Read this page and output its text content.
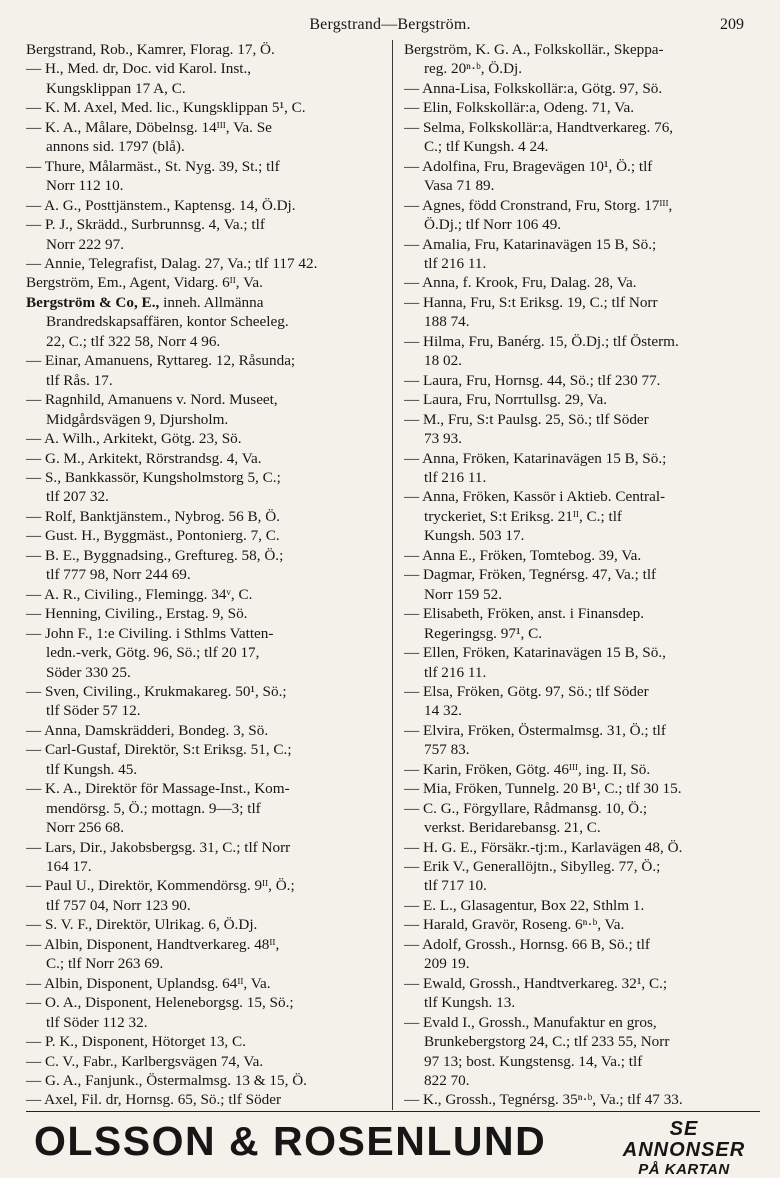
Bergstrand—Bergström.	209
Bergstrand, Rob., Kamrer, Florag. 17, Ö.
— H., Med. dr, Doc. vid Karol. Inst.,
Kungsklippan 17 A, C.
— K. M. Axel, Med. lic., Kungsklippan 5¹, C.
— K. A., Målare, Döbelnsg. 14ᴵᴵᴵ, Va. Se
annons sid. 1797 (blå).
— Thure, Målarmäst., St. Nyg. 39, St.; tlf
Norr 112 10.
— A. G., Posttjänstem., Kaptensg. 14, Ö.Dj.
— P. J., Skrädd., Surbrunnsg. 4, Va.; tlf
Norr 222 97.
— Annie, Telegrafist, Dalag. 27, Va.; tlf 117 42.
Bergström, Em., Agent, Vidarg. 6ᴵᴵ, Va.
Bergström & Co, E., inneh. Allmänna
Brandredskapsaffären, kontor Scheeleg.
22, C.; tlf 322 58, Norr 4 96.
— Einar, Amanuens, Ryttareg. 12, Råsunda;
tlf Rås. 17.
— Ragnhild, Amanuens v. Nord. Museet,
Midgårdsvägen 9, Djursholm.
— A. Wilh., Arkitekt, Götg. 23, Sö.
— G. M., Arkitekt, Rörstrandsg. 4, Va.
— S., Bankkassör, Kungsholmstorg 5, C.;
tlf 207 32.
— Rolf, Banktjänstem., Nybrog. 56 B, Ö.
— Gust. H., Byggmäst., Pontonierg. 7, C.
— B. E., Byggnadsing., Greftureg. 58, Ö.;
tlf 777 98, Norr 244 69.
— A. R., Civiling., Flemingg. 34ᵛ, C.
— Henning, Civiling., Erstag. 9, Sö.
— John F., 1:e Civiling. i Sthlms Vatten-
ledn.-verk, Götg. 96, Sö.; tlf 20 17,
Söder 330 25.
— Sven, Civiling., Krukmakareg. 50¹, Sö.;
tlf Söder 57 12.
— Anna, Damskrädderi, Bondeg. 3, Sö.
— Carl-Gustaf, Direktör, S:t Eriksg. 51, C.;
tlf Kungsh. 45.
— K. A., Direktör för Massage-Inst., Kom-
mendörsg. 5, Ö.; mottagn. 9—3; tlf
Norr 256 68.
— Lars, Dir., Jakobsbergsg. 31, C.; tlf Norr
164 17.
— Paul U., Direktör, Kommendörsg. 9ᴵᴵ, Ö.;
tlf 757 04, Norr 123 90.
— S. V. F., Direktör, Ulrikag. 6, Ö.Dj.
— Albin, Disponent, Handtverkareg. 48ᴵᴵ,
C.; tlf Norr 263 69.
— Albin, Disponent, Uplandsg. 64ᴵᴵ, Va.
— O. A., Disponent, Heleneborgsg. 15, Sö.;
tlf Söder 112 32.
— P. K., Disponent, Hötorget 13, C.
— C. V., Fabr., Karlbergsvägen 74, Va.
— G. A., Fanjunk., Östermalmsg. 13 & 15, Ö.
— Axel, Fil. dr, Hornsg. 65, Sö.; tlf Söder
Bergström, K. G. A., Folkskollär., Skeppa-
reg. 20ⁿ·ᵇ, Ö.Dj.
— Anna-Lisa, Folkskollär:a, Götg. 97, Sö.
— Elin, Folkskollär:a, Odeng. 71, Va.
— Selma, Folkskollär:a, Handtverkareg. 76,
C.; tlf Kungsh. 4 24.
— Adolfina, Fru, Bragevägen 10¹, Ö.; tlf
Vasa 71 89.
— Agnes, född Cronstrand, Fru, Storg. 17ᴵᴵᴵ,
Ö.Dj.; tlf Norr 106 49.
— Amalia, Fru, Katarinavägen 15 B, Sö.;
tlf 216 11.
— Anna, f. Krook, Fru, Dalag. 28, Va.
— Hanna, Fru, S:t Eriksg. 19, C.; tlf Norr
188 74.
— Hilma, Fru, Banérg. 15, Ö.Dj.; tlf Österm.
18 02.
— Laura, Fru, Hornsg. 44, Sö.; tlf 230 77.
— Laura, Fru, Norrtullsg. 29, Va.
— M., Fru, S:t Paulsg. 25, Sö.; tlf Söder
73 93.
— Anna, Fröken, Katarinavägen 15 B, Sö.;
tlf 216 11.
— Anna, Fröken, Kassör i Aktieb. Central-
tryckeriet, S:t Eriksg. 21ᴵᴵ, C.; tlf
Kungsh. 503 17.
— Anna E., Fröken, Tomtebog. 39, Va.
— Dagmar, Fröken, Tegnérsg. 47, Va.; tlf
Norr 159 52.
— Elisabeth, Fröken, anst. i Finansdep.
Regeringsg. 97¹, C.
— Ellen, Fröken, Katarinavägen 15 B, Sö.,
tlf 216 11.
— Elsa, Fröken, Götg. 97, Sö.; tlf Söder
14 32.
— Elvira, Fröken, Östermalmsg. 31, Ö.; tlf
757 83.
— Karin, Fröken, Götg. 46ᴵᴵᴵ, ing. II, Sö.
— Mia, Fröken, Tunnelg. 20 B¹, C.; tlf 30 15.
— C. G., Förgyllare, Rådmansg. 10, Ö.;
verkst. Beridarebansg. 21, C.
— H. G. E., Försäkr.-tj:m., Karlavägen 48, Ö.
— Erik V., Generallöjtn., Sibylleg. 77, Ö.;
tlf 717 10.
— E. L., Glasagentur, Box 22, Sthlm 1.
— Harald, Gravör, Roseng. 6ⁿ·ᵇ, Va.
— Adolf, Grossh., Hornsg. 66 B, Sö.; tlf
209 19.
— Ewald, Grossh., Handtverkareg. 32¹, C.;
tlf Kungsh. 13.
— Evald I., Grossh., Manufaktur en gros,
Brunkebergstorg 24, C.; tlf 233 55, Norr
97 13; bost. Kungstensg. 14, Va.; tlf
822 70.
— K., Grossh., Tegnérsg. 35ⁿ·ᵇ, Va.; tlf 47 33.
OLSSON & ROSENLUND	SE ANNONSER
PÅ KARTAN
